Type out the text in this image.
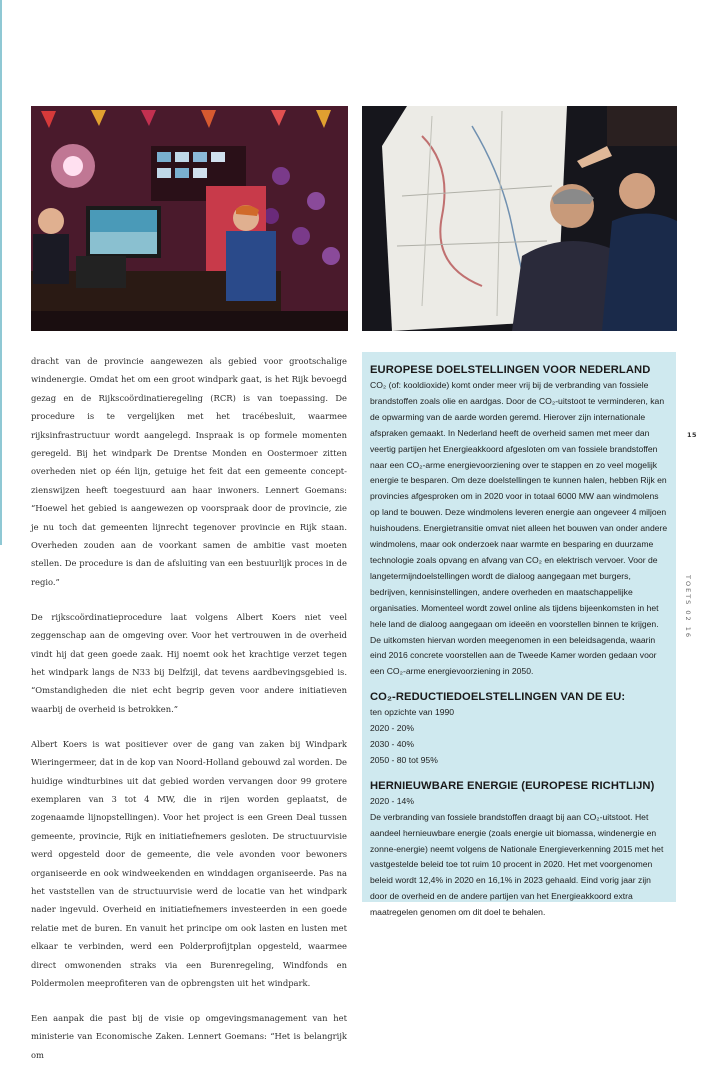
dracht van de provincie aangewezen als gebied voor grootschalige windenergie. Omdat het om een groot windpark gaat, is het Rijk bevoegd gezag en de Rijkscoördinatieregeling (RCR) is van toepassing. De procedure is te vergelijken met het tracébesluit, waarmee rijksinfrastructuur wordt aangelegd. Inspraak is op formele momenten geregeld. Bij het windpark De Drentse Monden en Oostermoer zitten overheden niet op één lijn, getuige het feit dat een gemeente concept-zienswijzen heeft toegestuurd aan haar inwoners. Lennert Goemans: “Hoewel het gebied is aangewezen op voorspraak door de provincie, zie je nu toch dat gemeenten lijnrecht tegenover provincie en Rijk staan. Overheden zouden aan de voorkant samen de ambitie vast moeten stellen. De procedure is dan de afsluiting van een bestuurlijk proces in de regio.”

De rijkscoördinatieprocedure laat volgens Albert Koers niet veel zeggenschap aan de omgeving over. Voor het vertrouwen in de overheid vindt hij dat geen goede zaak. Hij noemt ook het krachtige verzet tegen het windpark langs de N33 bij Delfzijl, dat tevens aardbevingsgebied is. “Omstandigheden die niet echt begrip geven voor andere initiatieven waarbij de overheid is betrokken.”

Albert Koers is wat positiever over de gang van zaken bij Windpark Wieringermeer, dat in de kop van Noord-Holland gebouwd zal worden. De huidige windturbines uit dat gebied worden vervangen door 99 grotere exemplaren van 3 tot 4 MW, die in rijen worden geplaatst, de zogenaamde lijnopstellingen). Voor het project is een Green Deal tussen gemeente, provincie, Rijk en initiatiefnemers gesloten. De structuurvisie werd opgesteld door de gemeente, die vele avonden voor bewoners organiseerde en ook windweekenden en winddagen organiseerde. Pas na het vaststellen van de structuurvisie werd de locatie van het windpark nader ingevuld. Overheid en initiatiefnemers investeerden in een goede relatie met de buren. En vanuit het principe om ook lasten en lusten met elkaar te verbinden, werd een Polderprofijtplan opgesteld, waarmee direct omwonenden straks via een Burenregeling, Windfonds en Poldermolen meeprofiteren van de opbrengsten uit het windpark.

Een aanpak die past bij de visie op omgevingsmanagement van het ministerie van Economische Zaken. Lennert Goemans: “Het is belangrijk om

EUROPESE DOELSTELLINGEN VOOR NEDERLAND

CO₂ (of: kooldioxide) komt onder meer vrij bij de verbranding van fossiele brandstoffen zoals olie en aardgas. Door de CO₂-uitstoot te verminderen, kan de opwarming van de aarde worden geremd. Hierover zijn internationale afspraken gemaakt. In Nederland heeft de overheid samen met meer dan veertig partijen het Energieakkoord afgesloten om van fossiele brandstoffen naar een CO₂-arme energievoorziening over te stappen en zo veel mogelijk energie te besparen. Om deze doelstellingen te kunnen halen, hebben Rijk en provincies afgesproken om in 2020 voor in totaal 6000 MW aan windmolens op land te bouwen. Deze windmolens leveren energie aan ongeveer 4 miljoen huishoudens. Energietransitie omvat niet alleen het bouwen van onder andere windmolens, maar ook onderzoek naar warmte en besparing en duurzame technologie zoals opvang en afvang van CO₂ en elektrisch vervoer. Voor de langetermijndoelstellingen wordt de dialoog aangegaan met burgers, bedrijven, kennisinstellingen, andere overheden en maatschappelijke organisaties. Momenteel wordt zowel online als tijdens bijeenkomsten in het hele land de dialoog aangegaan om ideeën en voorstellen binnen te krijgen. De uitkomsten hiervan worden meegenomen in een beleidsagenda, waarin eind 2016 concrete voorstellen aan de Tweede Kamer worden gedaan voor een CO₂-arme energievoorziening in 2050.

CO₂-REDUCTIEDOELSTELLINGEN VAN DE EU:

ten opzichte van 1990

2020 - 20%

2030 - 40%

2050 - 80 tot 95%

HERNIEUWBARE ENERGIE (EUROPESE RICHTLIJN)

2020 - 14%

De verbranding van fossiele brandstoffen draagt bij aan CO₂-uitstoot. Het aandeel hernieuwbare energie (zoals energie uit biomassa, windenergie en zonne-energie) neemt volgens de Nationale Energieverkenning 2015 met het vastgestelde beleid toe tot ruim 10 procent in 2020. Het met voorgenomen beleid wordt 12,4% in 2020 en 16,1% in 2023 gehaald. Eind vorig jaar zijn door de overheid en de andere partijen van het Energieakkoord extra maatregelen genomen om dit doel te behalen.

15
TOETS 02 16
